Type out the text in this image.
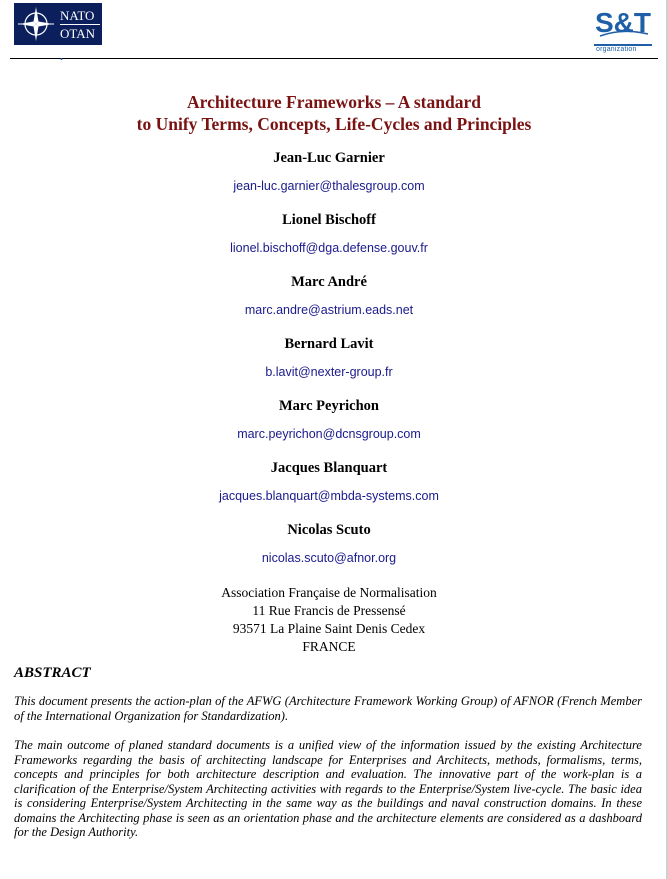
NATO
OTAN	S&T
organization
•
Architecture Frameworks – A standard
to Unify Terms, Concepts, Life-Cycles and Principles
Jean-Luc Garnier
jean-luc.garnier@thalesgroup.com
Lionel Bischoff
lionel.bischoff@dga.defense.gouv.fr
Marc André
marc.andre@astrium.eads.net
Bernard Lavit
b.lavit@nexter-group.fr
Marc Peyrichon
marc.peyrichon@dcnsgroup.com
Jacques Blanquart
jacques.blanquart@mbda-systems.com
Nicolas Scuto
nicolas.scuto@afnor.org
Association Française de Normalisation
11 Rue Francis de Pressensé
93571 La Plaine Saint Denis Cedex
FRANCE
ABSTRACT

This document presents the action-plan of the AFWG (Architecture Framework Working Group) of AFNOR (French Member of the International Organization for Standardization).

The main outcome of planed standard documents is a unified view of the information issued by the existing Architecture Frameworks regarding the basis of architecting landscape for Enterprises and Architects, methods, formalisms, terms, concepts and principles for both architecture description and evaluation. The innovative part of the work-plan is a clarification of the Enterprise/System Architecting activities with regards to the Enterprise/System live-cycle. The basic idea is considering Enterprise/System Architecting in the same way as the buildings and naval construction domains. In these domains the Architecting phase is seen as an orientation phase and the architecture elements are considered as a dashboard for the Design Authority.
